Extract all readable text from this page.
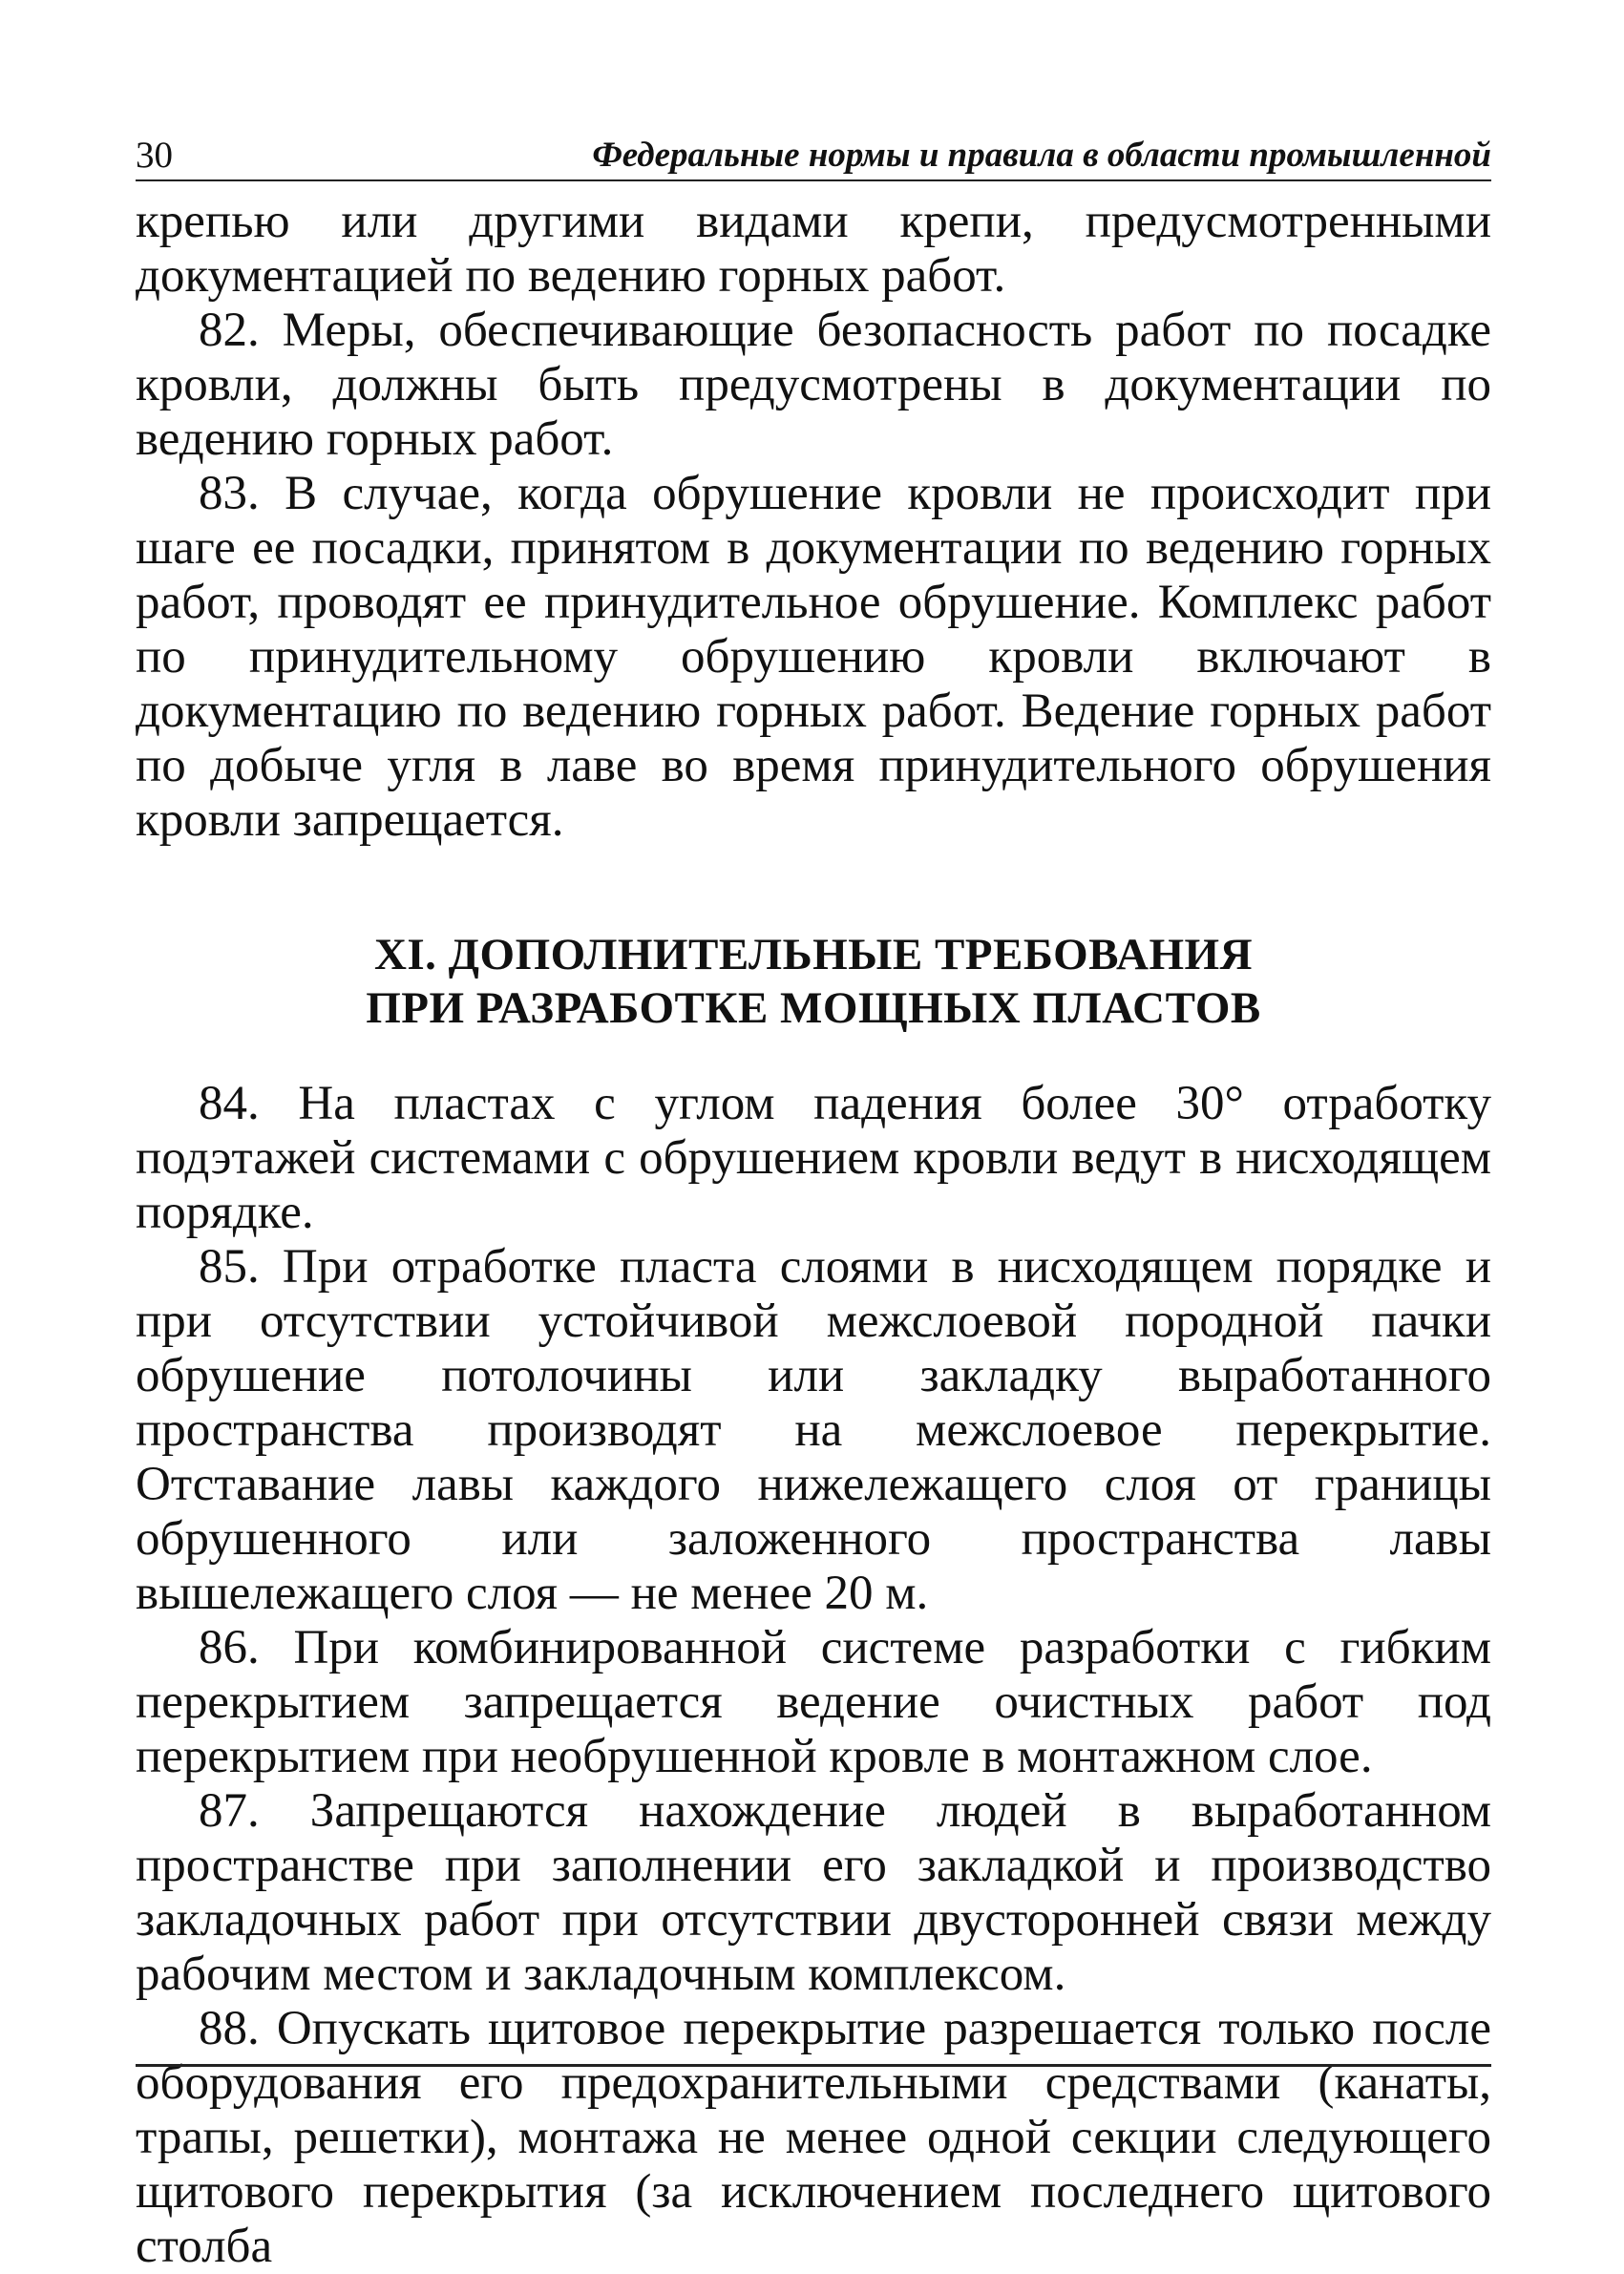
30	Федеральные нормы и правила в области промышленной

крепью или другими видами крепи, предусмотренными документацией по ведению горных работ.

82. Меры, обеспечивающие безопасность работ по посадке кровли, должны быть предусмотрены в документации по ведению горных работ.

83. В случае, когда обрушение кровли не происходит при шаге ее посадки, принятом в документации по ведению горных работ, проводят ее принудительное обрушение. Комплекс работ по принудительному обрушению кровли включают в документацию по ведению горных работ. Ведение горных работ по добыче угля в лаве во время принудительного обрушения кровли запрещается.

XI. ДОПОЛНИТЕЛЬНЫЕ ТРЕБОВАНИЯ
ПРИ РАЗРАБОТКЕ МОЩНЫХ ПЛАСТОВ

84. На пластах с углом падения более 30° отработку подэтажей системами с обрушением кровли ведут в нисходящем порядке.

85. При отработке пласта слоями в нисходящем порядке и при отсутствии устойчивой межслоевой породной пачки обрушение потолочины или закладку выработанного пространства производят на межслоевое перекрытие. Отставание лавы каждого нижележащего слоя от границы обрушенного или заложенного пространства лавы вышележащего слоя — не менее 20 м.

86. При комбинированной системе разработки с гибким перекрытием запрещается ведение очистных работ под перекрытием при необрушенной кровле в монтажном слое.

87. Запрещаются нахождение людей в выработанном пространстве при заполнении его закладкой и производство закладочных работ при отсутствии двусторонней связи между рабочим местом и закладочным комплексом.

88. Опускать щитовое перекрытие разрешается только после оборудования его предохранительными средствами (канаты, трапы, решетки), монтажа не менее одной секции следующего щитового перекрытия (за исключением последнего щитового столба
